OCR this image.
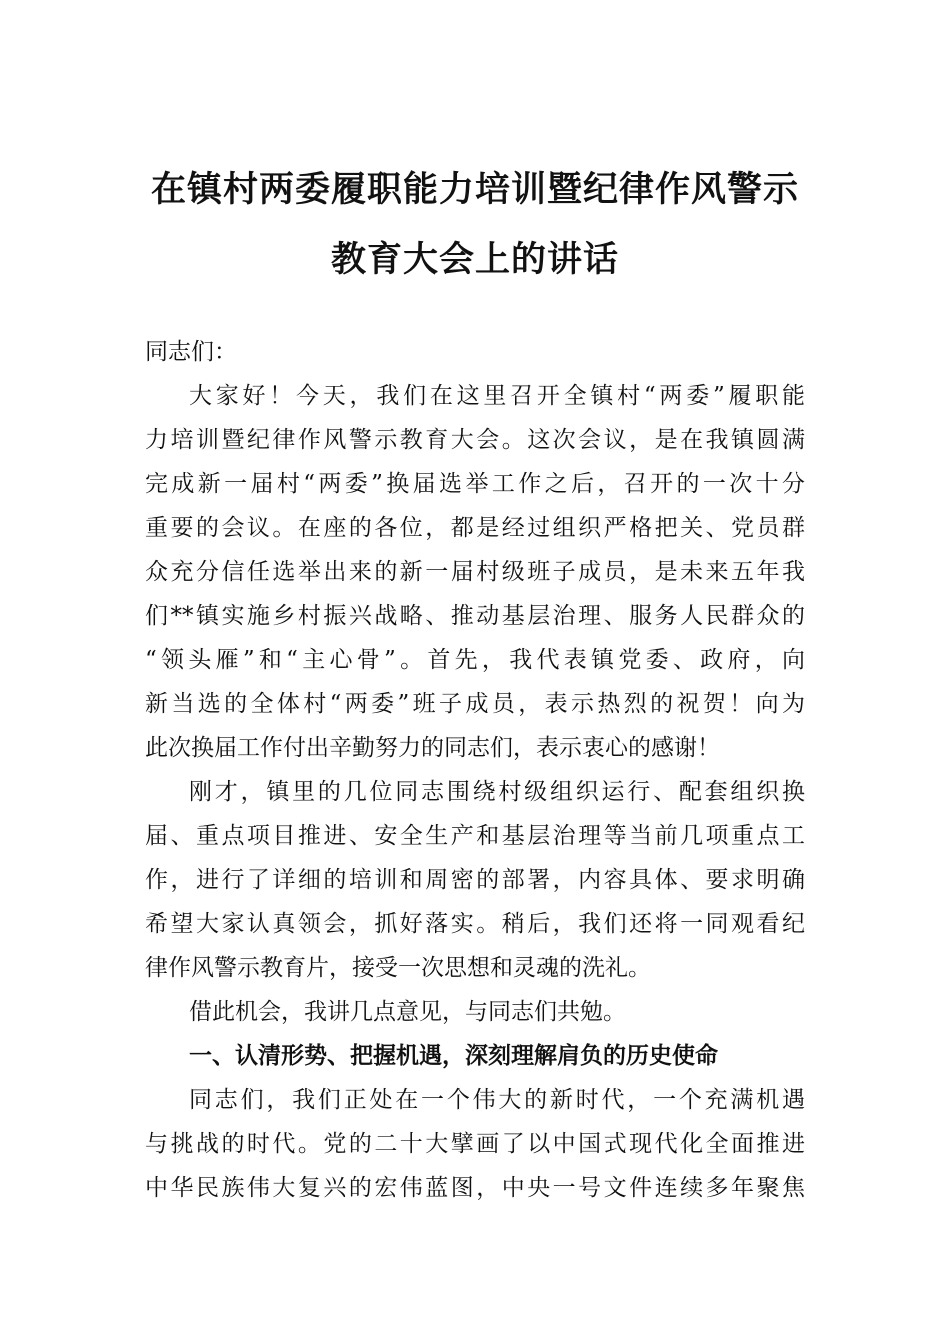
在镇村两委履职能力培训暨纪律作风警示
教育大会上的讲话
同志们：
大家好！今天，我们在这里召开全镇村“两委”履职能
力培训暨纪律作风警示教育大会。这次会议，是在我镇圆满
完成新一届村“两委”换届选举工作之后，召开的一次十分
重要的会议。在座的各位，都是经过组织严格把关、党员群
众充分信任选举出来的新一届村级班子成员，是未来五年我
们**镇实施乡村振兴战略、推动基层治理、服务人民群众的
“领头雁”和“主心骨”。首先，我代表镇党委、政府，向
新当选的全体村“两委”班子成员，表示热烈的祝贺！向为
此次换届工作付出辛勤努力的同志们，表示衷心的感谢！
刚才，镇里的几位同志围绕村级组织运行、配套组织换
届、重点项目推进、安全生产和基层治理等当前几项重点工
作，进行了详细的培训和周密的部署，内容具体、要求明确
希望大家认真领会，抓好落实。稍后，我们还将一同观看纪
律作风警示教育片，接受一次思想和灵魂的洗礼。
借此机会，我讲几点意见，与同志们共勉。
一、认清形势、把握机遇，深刻理解肩负的历史使命
同志们，我们正处在一个伟大的新时代，一个充满机遇
与挑战的时代。党的二十大擘画了以中国式现代化全面推进
中华民族伟大复兴的宏伟蓝图，中央一号文件连续多年聚焦
